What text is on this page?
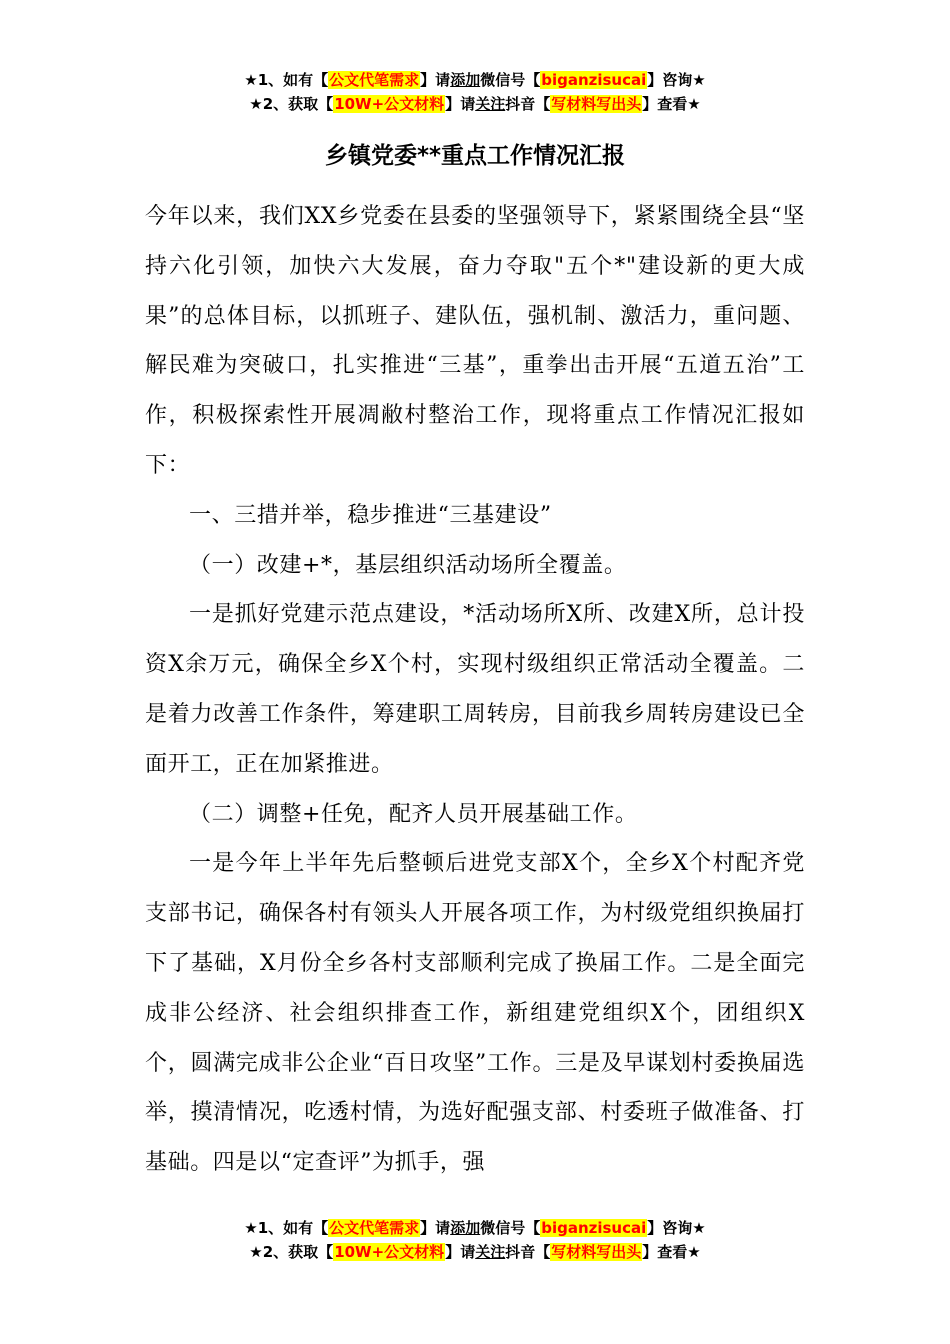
★1、如有【公文代笔需求】请添加微信号【biganzisucai】咨询★
★2、获取【10W+公文材料】请关注抖音【写材料写出头】查看★
乡镇党委**重点工作情况汇报

今年以来，我们XX乡党委在县委的坚强领导下，紧紧围绕全县“坚持六化引领，加快六大发展，奋力夺取"五个*"建设新的更大成果”的总体目标，以抓班子、建队伍，强机制、激活力，重问题、解民难为突破口，扎实推进“三基”，重拳出击开展“五道五治”工作，积极探索性开展凋敝村整治工作，现将重点工作情况汇报如下：

一、三措并举，稳步推进“三基建设”

（一）改建+*，基层组织活动场所全覆盖。

一是抓好党建示范点建设，*活动场所X所、改建X所，总计投资X余万元，确保全乡X个村，实现村级组织正常活动全覆盖。二是着力改善工作条件，筹建职工周转房，目前我乡周转房建设已全面开工，正在加紧推进。

（二）调整+任免，配齐人员开展基础工作。

一是今年上半年先后整顿后进党支部X个，全乡X个村配齐党支部书记，确保各村有领头人开展各项工作，为村级党组织换届打下了基础，X月份全乡各村支部顺利完成了换届工作。二是全面完成非公经济、社会组织排查工作，新组建党组织X个，团组织X个，圆满完成非公企业“百日攻坚”工作。三是及早谋划村委换届选举，摸清情况，吃透村情，为选好配强支部、村委班子做准备、打基础。四是以“定查评”为抓手，强

★1、如有【公文代笔需求】请添加微信号【biganzisucai】咨询★
★2、获取【10W+公文材料】请关注抖音【写材料写出头】查看★
